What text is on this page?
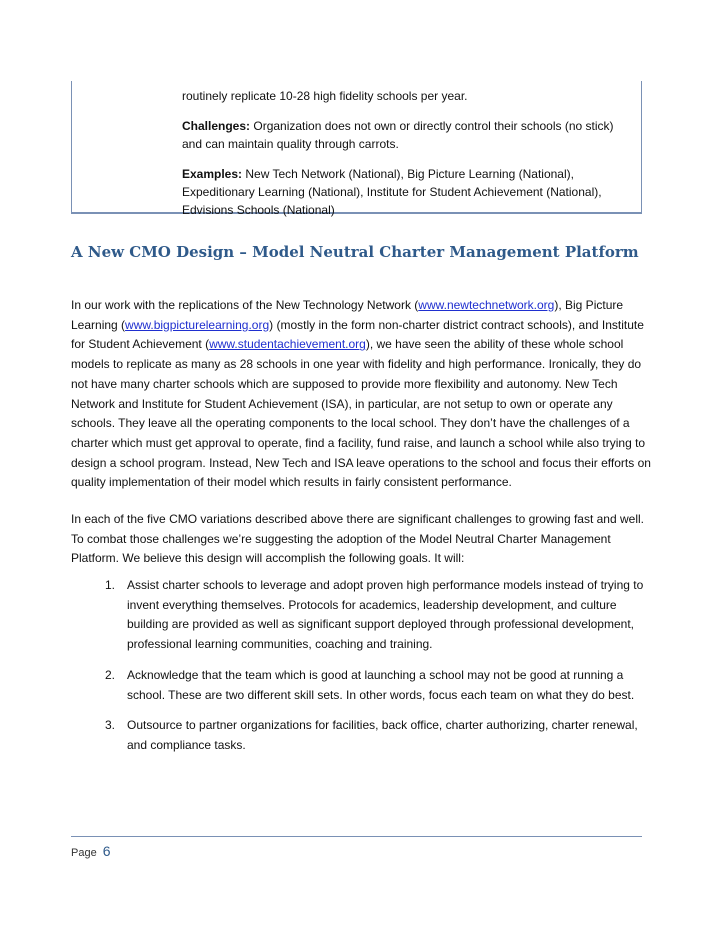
routinely replicate 10-28 high fidelity schools per year.

Challenges: Organization does not own or directly control their schools (no stick) and can maintain quality through carrots.

Examples: New Tech Network (National), Big Picture Learning (National), Expeditionary Learning (National), Institute for Student Achievement (National), Edvisions Schools (National)

A New CMO Design – Model Neutral Charter Management Platform

In our work with the replications of the New Technology Network (www.newtechnetwork.org), Big Picture Learning (www.bigpicturelearning.org) (mostly in the form non-charter district contract schools), and Institute for Student Achievement (www.studentachievement.org), we have seen the ability of these whole school models to replicate as many as 28 schools in one year with fidelity and high performance. Ironically, they do not have many charter schools which are supposed to provide more flexibility and autonomy. New Tech Network and Institute for Student Achievement (ISA), in particular, are not setup to own or operate any schools. They leave all the operating components to the local school. They don’t have the challenges of a charter which must get approval to operate, find a facility, fund raise, and launch a school while also trying to design a school program. Instead, New Tech and ISA leave operations to the school and focus their efforts on quality implementation of their model which results in fairly consistent performance.

In each of the five CMO variations described above there are significant challenges to growing fast and well. To combat those challenges we’re suggesting the adoption of the Model Neutral Charter Management Platform. We believe this design will accomplish the following goals. It will:

1. Assist charter schools to leverage and adopt proven high performance models instead of trying to invent everything themselves. Protocols for academics, leadership development, and culture building are provided as well as significant support deployed through professional development, professional learning communities, coaching and training.
2. Acknowledge that the team which is good at launching a school may not be good at running a school. These are two different skill sets. In other words, focus each team on what they do best.
3. Outsource to partner organizations for facilities, back office, charter authorizing, charter renewal, and compliance tasks.
Page 6
